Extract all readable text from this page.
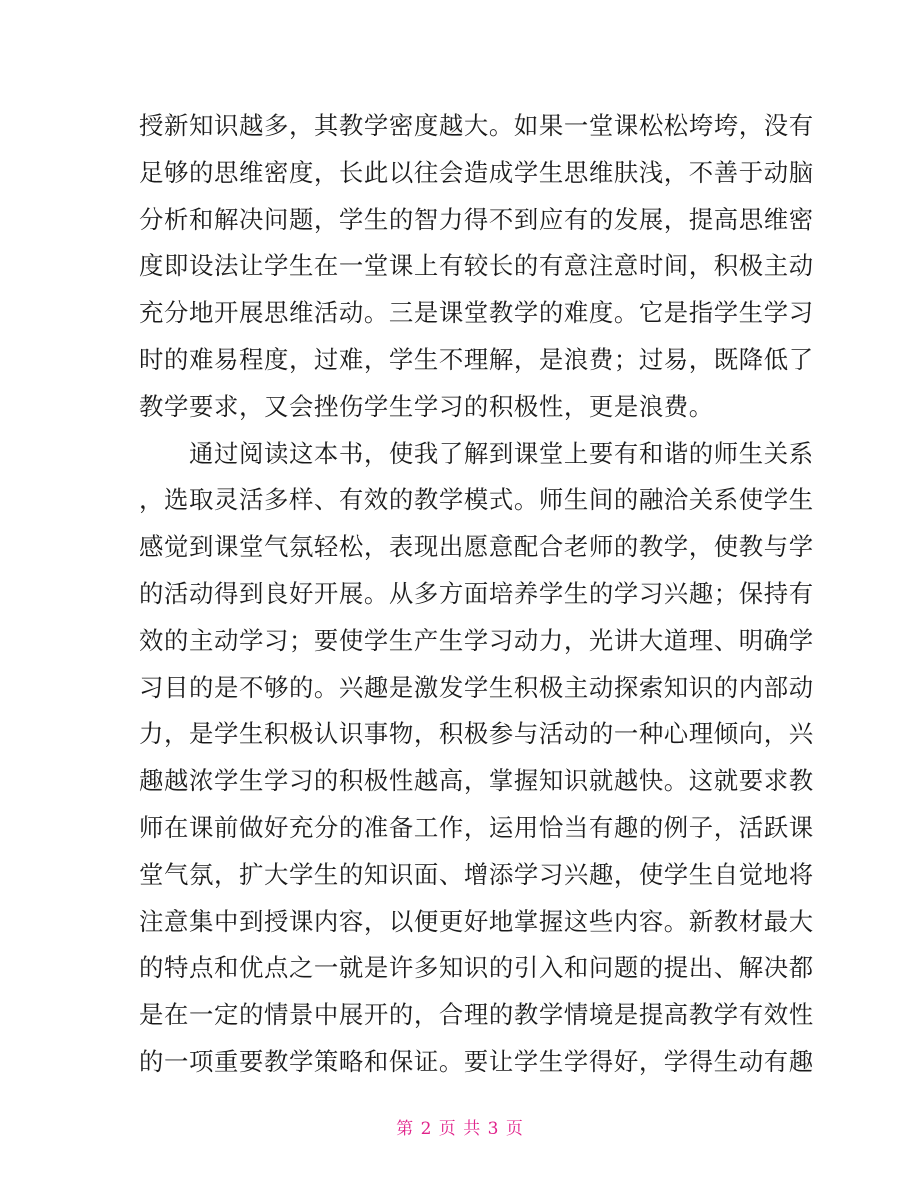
授新知识越多，其教学密度越大。如果一堂课松松垮垮，没有
足够的思维密度，长此以往会造成学生思维肤浅，不善于动脑
分析和解决问题，学生的智力得不到应有的发展，提高思维密
度即设法让学生在一堂课上有较长的有意注意时间，积极主动
充分地开展思维活动。三是课堂教学的难度。它是指学生学习
时的难易程度，过难，学生不理解，是浪费；过易，既降低了
教学要求，又会挫伤学生学习的积极性，更是浪费。
　　通过阅读这本书，使我了解到课堂上要有和谐的师生关系
，选取灵活多样、有效的教学模式。师生间的融洽关系使学生
感觉到课堂气氛轻松，表现出愿意配合老师的教学，使教与学
的活动得到良好开展。从多方面培养学生的学习兴趣；保持有
效的主动学习；要使学生产生学习动力，光讲大道理、明确学
习目的是不够的。兴趣是激发学生积极主动探索知识的内部动
力，是学生积极认识事物，积极参与活动的一种心理倾向，兴
趣越浓学生学习的积极性越高，掌握知识就越快。这就要求教
师在课前做好充分的准备工作，运用恰当有趣的例子，活跃课
堂气氛，扩大学生的知识面、增添学习兴趣，使学生自觉地将
注意集中到授课内容，以便更好地掌握这些内容。新教材最大
的特点和优点之一就是许多知识的引入和问题的提出、解决都
是在一定的情景中展开的，合理的教学情境是提高教学有效性
的一项重要教学策略和保证。要让学生学得好，学得生动有趣
第 2 页 共 3 页
